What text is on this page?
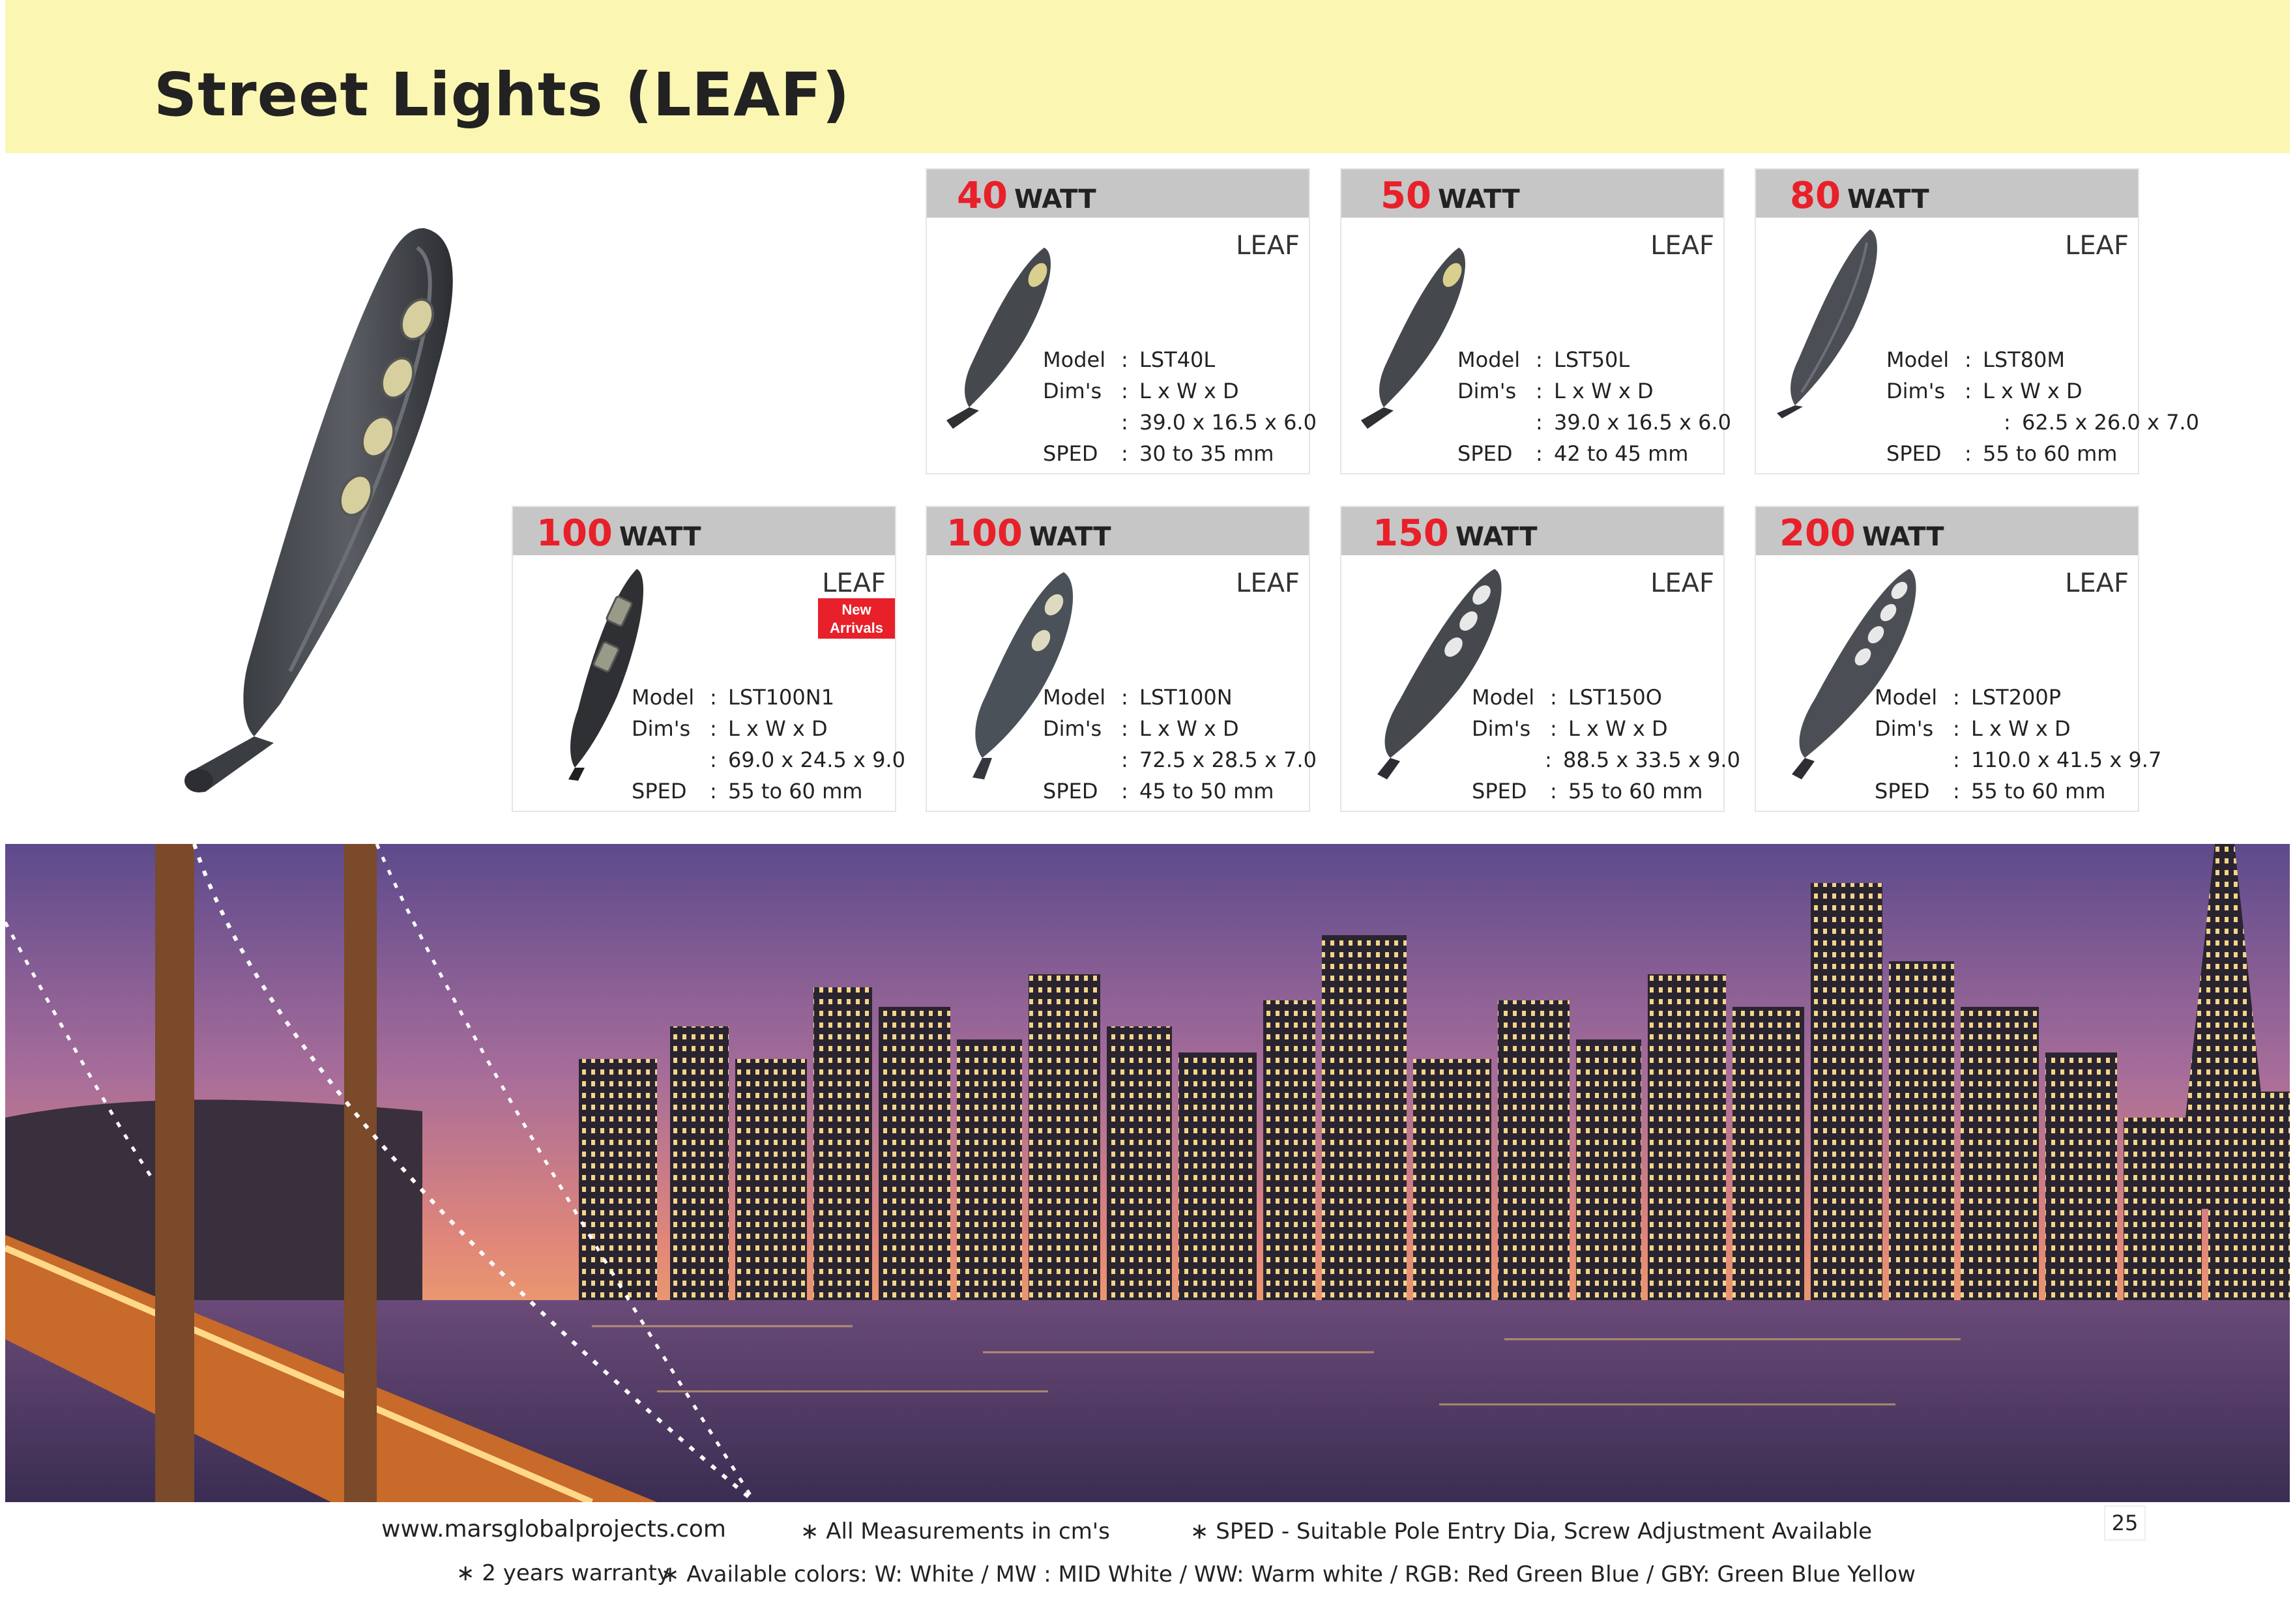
Street Lights (LEAF)
40 WATT
LEAF
Model : LST40L
Dim's : L x W x D
: 39.0 x 16.5 x 6.0
SPED : 30 to 35 mm
50 WATT
LEAF
Model : LST50L
Dim's : L x W x D
: 39.0 x 16.5 x 6.0
SPED : 42 to 45 mm
80 WATT
LEAF
Model : LST80M
Dim's : L x W x D
: 62.5 x 26.0 x 7.0
SPED : 55 to 60 mm
100 WATT
LEAF
New Arrivals
Model : LST100N1
Dim's : L x W x D
: 69.0 x 24.5 x 9.0
SPED : 55 to 60 mm
100 WATT
LEAF
Model : LST100N
Dim's : L x W x D
: 72.5 x 28.5 x 7.0
SPED : 45 to 50 mm
150 WATT
LEAF
Model : LST150O
Dim's : L x W x D
: 88.5 x 33.5 x 9.0
SPED : 55 to 60 mm
200 WATT
LEAF
Model : LST200P
Dim's : L x W x D
: 110.0 x 41.5 x 9.7
SPED : 55 to 60 mm
www.marsglobalprojects.com	∗ All Measurements in cm's	∗ SPED - Suitable Pole Entry Dia, Screw Adjustment Available
∗ 2 years warranty
∗ Available colors: W: White / MW : MID White / WW: Warm white / RGB: Red Green Blue / GBY: Green Blue Yellow
25
